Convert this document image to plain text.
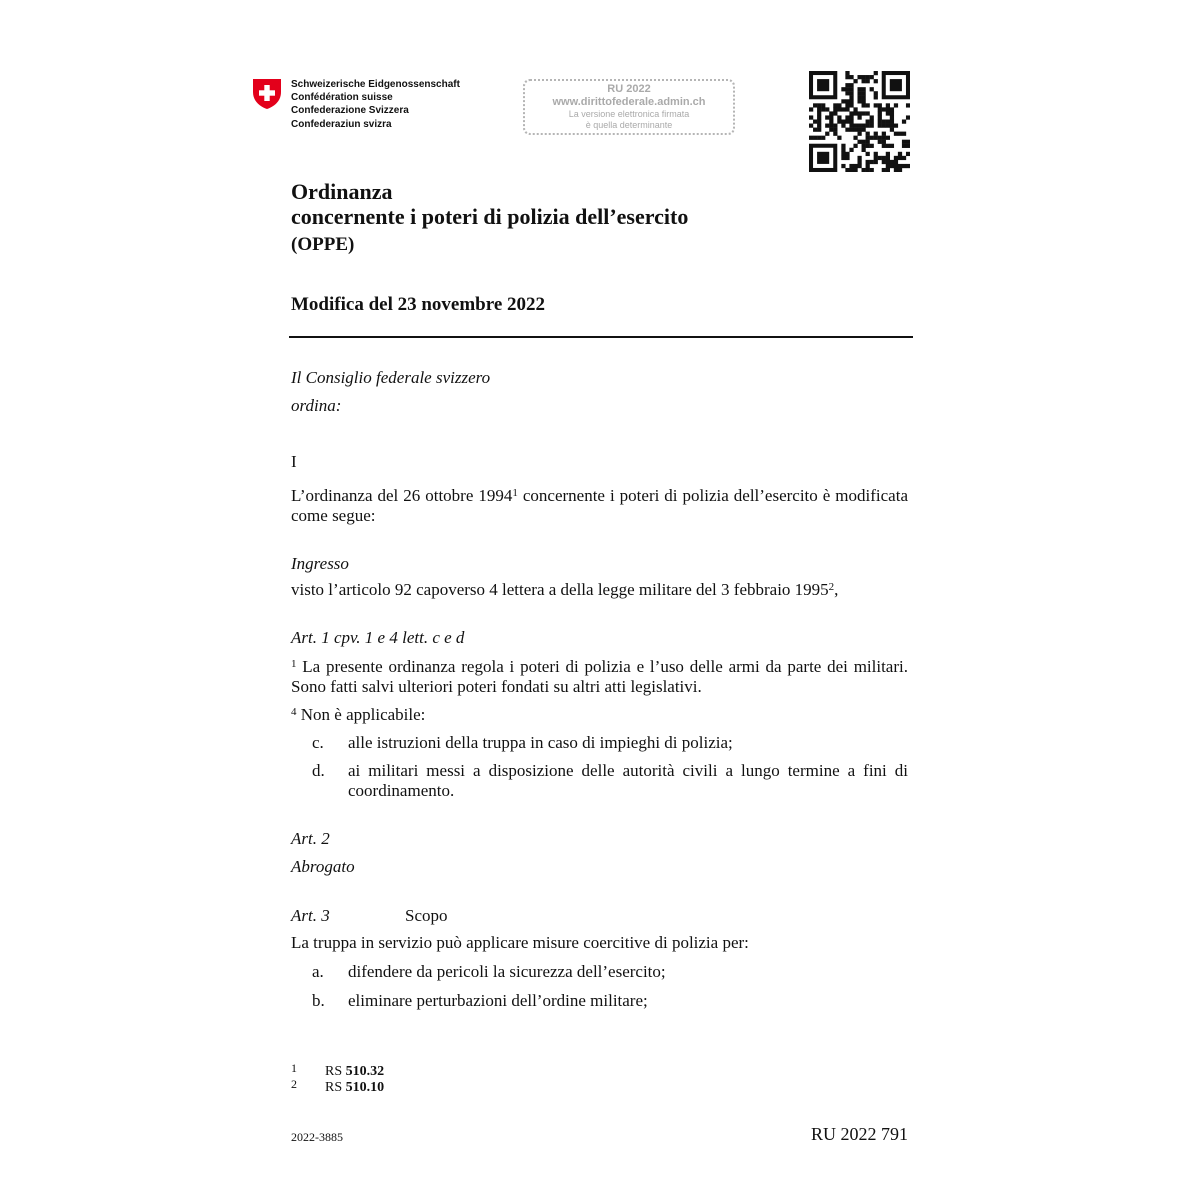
Schweizerische Eidgenossenschaft
Confédération suisse
Confederazione Svizzera
Confederaziun svizra
RU 2022
www.dirittofederale.admin.ch
La versione elettronica firmata
è quella determinante
Ordinanza
concernente i poteri di polizia dell’esercito
(OPPE)
Modifica del 23 novembre 2022
Il Consiglio federale svizzero
ordina:
I
L’ordinanza del 26 ottobre 1994$^1$ concernente i poteri di polizia dell’esercito è modificata come segue:
Ingresso
visto l’articolo 92 capoverso 4 lettera a della legge militare del 3 febbraio 1995$^2$,
Art. 1 cpv. 1 e 4 lett. c e d
$^1$ La presente ordinanza regola i poteri di polizia e l’uso delle armi da parte dei militari. Sono fatti salvi ulteriori poteri fondati su altri atti legislativi.
$^4$ Non è applicabile:
c.	alle istruzioni della truppa in caso di impieghi di polizia;
d.	ai militari messi a disposizione delle autorità civili a lungo termine a fini di coordinamento.
Art. 2
Abrogato
Art. 3	Scopo
La truppa in servizio può applicare misure coercitive di polizia per:
a.	difendere da pericoli la sicurezza dell’esercito;
b.	eliminare perturbazioni dell’ordine militare;
1 RS 510.32
2 RS 510.10
2022-3885	RU 2022 791
